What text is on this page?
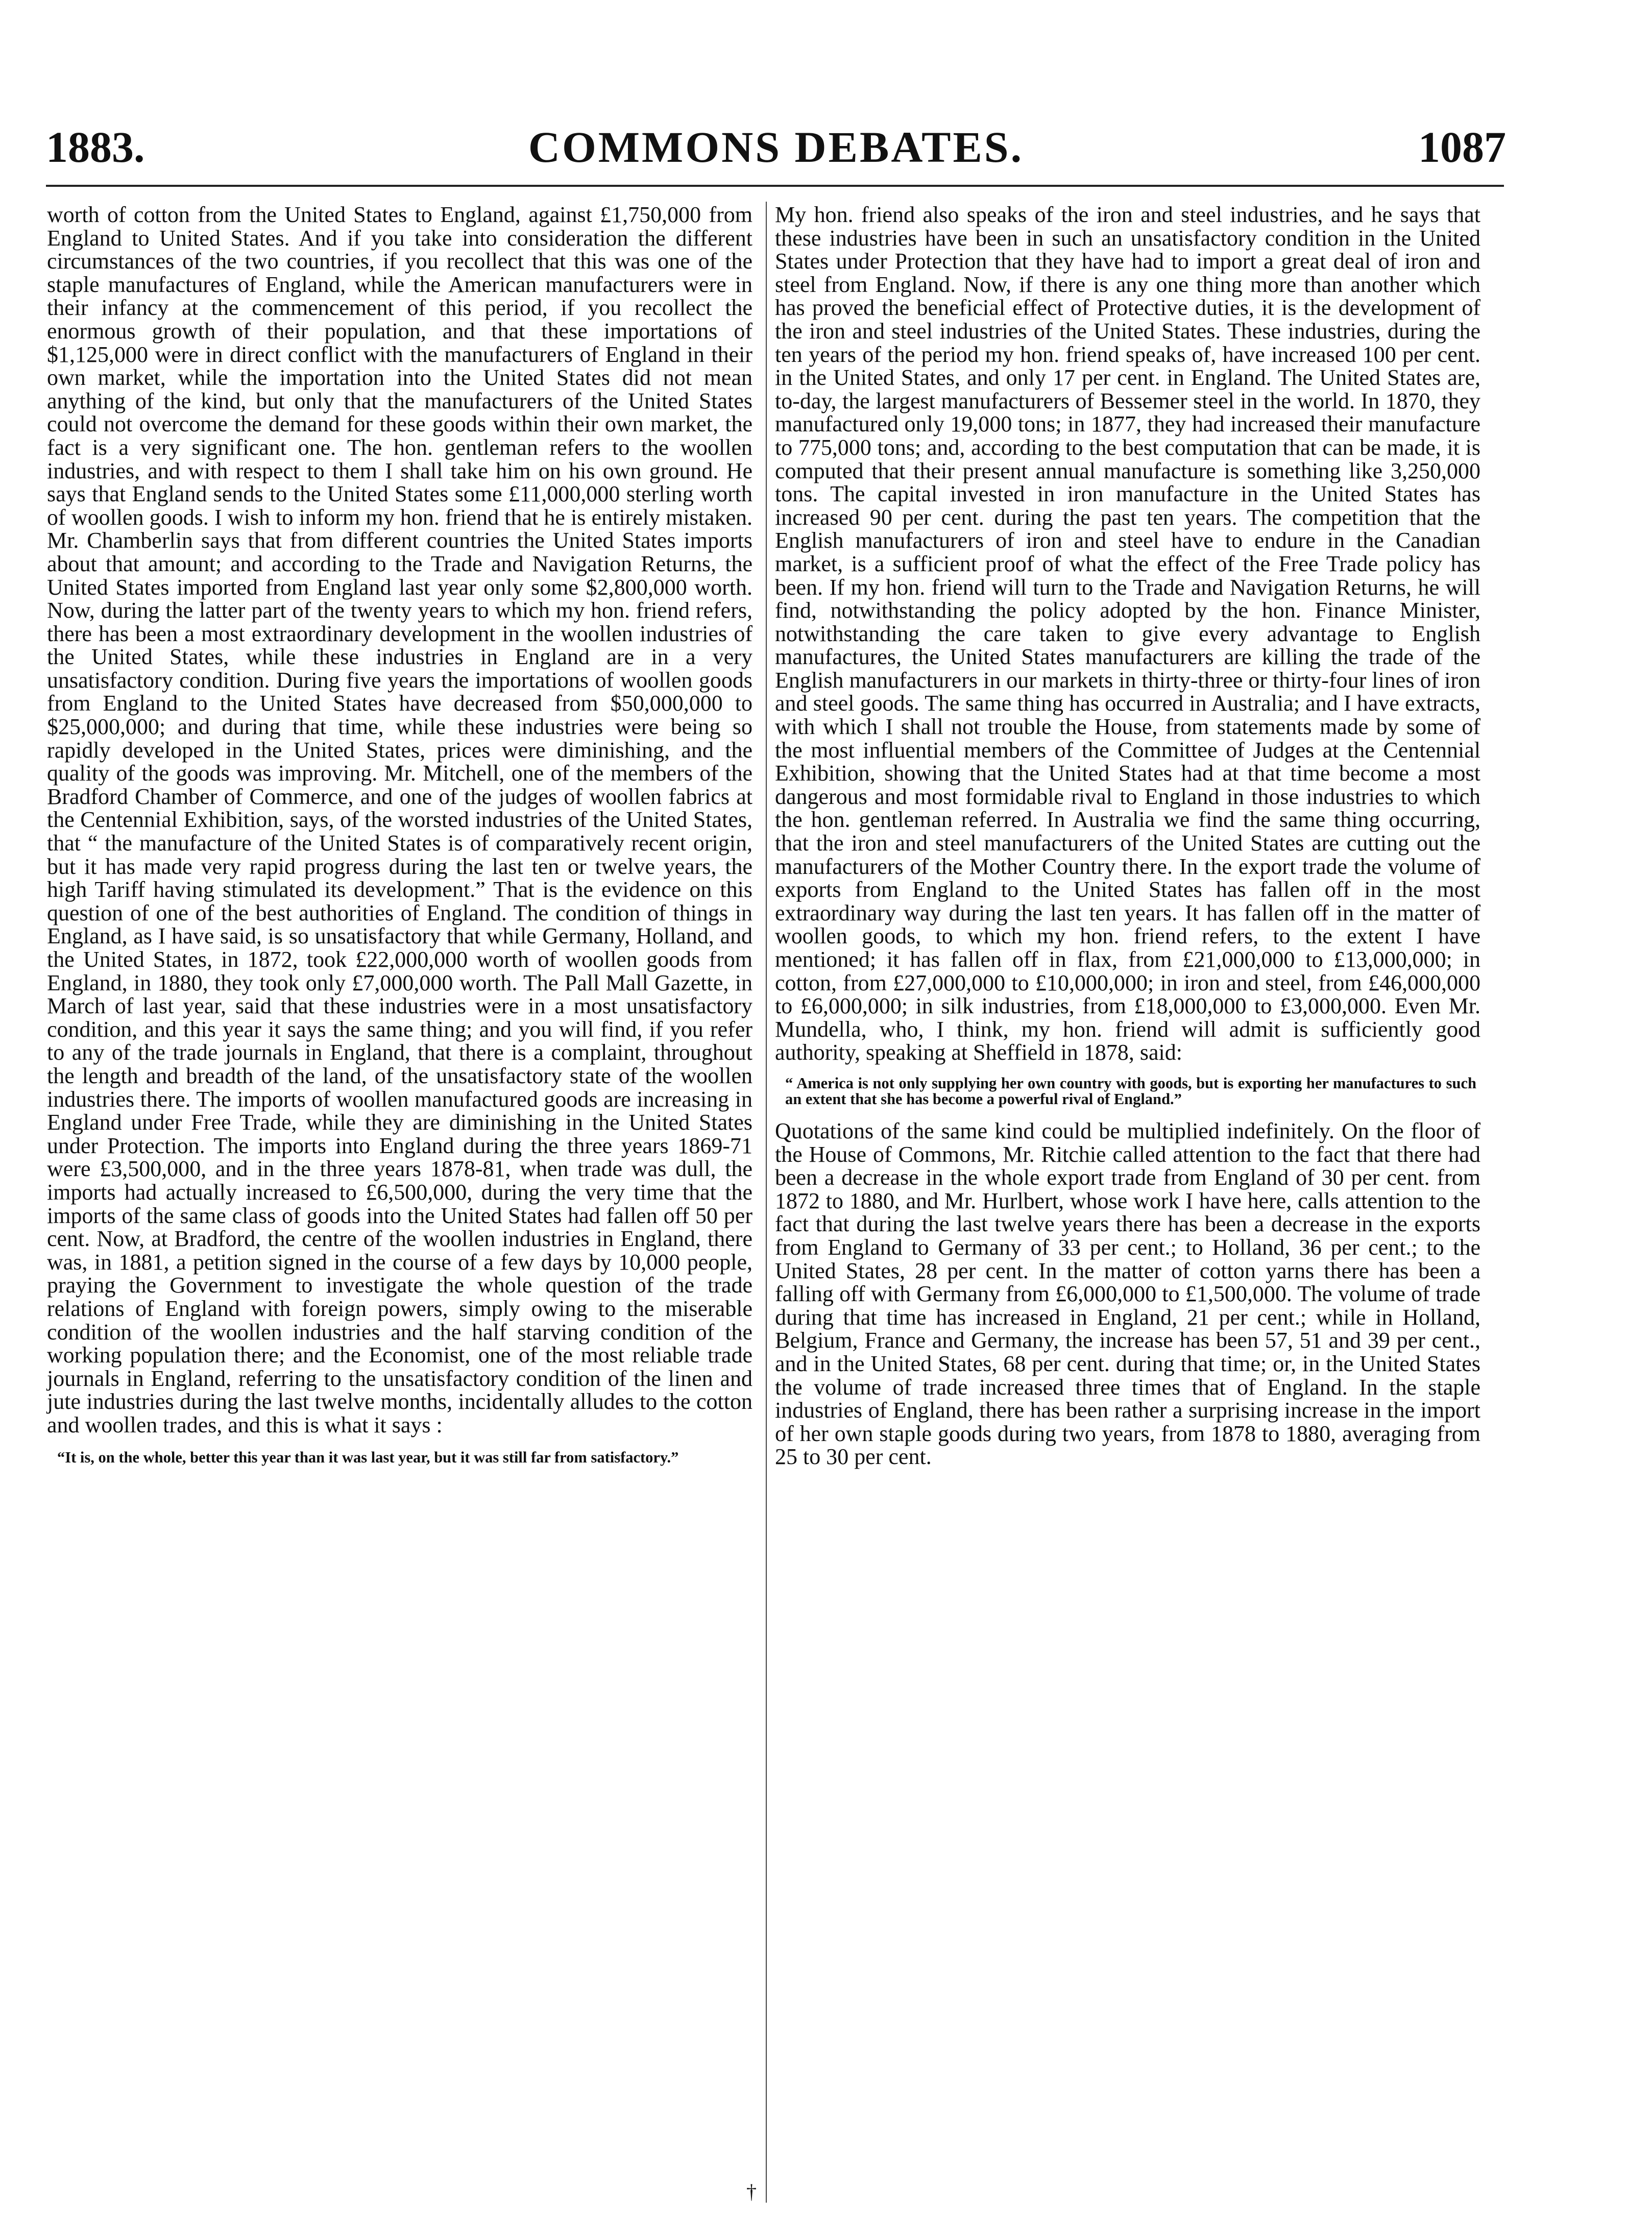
COMMONS DEBATES.
1883.	1087

worth of cotton from the United States to England, against £1,750,000 from England to United States. And if you take into consideration the different circumstances of the two countries, if you recollect that this was one of the staple manufactures of England, while the American manufacturers were in their infancy at the commencement of this period, if you recollect the enormous growth of their population, and that these importations of $1,125,000 were in direct conflict with the manufacturers of England in their own market, while the importation into the United States did not mean anything of the kind, but only that the manufacturers of the United States could not overcome the demand for these goods within their own market, the fact is a very significant one. The hon. gentleman refers to the woollen industries, and with respect to them I shall take him on his own ground. He says that England sends to the United States some £11,000,000 sterling worth of woollen goods. I wish to inform my hon. friend that he is entirely mistaken. Mr. Chamberlin says that from different countries the United States imports about that amount; and according to the Trade and Navigation Returns, the United States imported from England last year only some $2,800,000 worth. Now, during the latter part of the twenty years to which my hon. friend refers, there has been a most extraordinary development in the woollen industries of the United States, while these industries in England are in a very unsatisfactory condition. During five years the importations of woollen goods from England to the United States have decreased from $50,000,000 to $25,000,000; and during that time, while these industries were being so rapidly developed in the United States, prices were diminishing, and the quality of the goods was improving. Mr. Mitchell, one of the members of the Bradford Chamber of Commerce, and one of the judges of woollen fabrics at the Centennial Exhibition, says, of the worsted industries of the United States, that “ the manufacture of the United States is of comparatively recent origin, but it has made very rapid progress during the last ten or twelve years, the high Tariff having stimulated its development.” That is the evidence on this question of one of the best authorities of England. The condition of things in England, as I have said, is so unsatisfactory that while Germany, Holland, and the United States, in 1872, took £22,000,000 worth of woollen goods from England, in 1880, they took only £7,000,000 worth. The Pall Mall Gazette, in March of last year, said that these industries were in a most unsatisfactory condition, and this year it says the same thing; and you will find, if you refer to any of the trade journals in England, that there is a complaint, throughout the length and breadth of the land, of the unsatisfactory state of the woollen industries there. The imports of woollen manufactured goods are increasing in England under Free Trade, while they are diminishing in the United States under Protection. The imports into England during the three years 1869-71 were £3,500,000, and in the three years 1878-81, when trade was dull, the imports had actually increased to £6,500,000, during the very time that the imports of the same class of goods into the United States had fallen off 50 per cent. Now, at Bradford, the centre of the woollen industries in England, there was, in 1881, a petition signed in the course of a few days by 10,000 people, praying the Government to investigate the whole question of the trade relations of England with foreign powers, simply owing to the miserable condition of the woollen industries and the half starving condition of the working population there; and the Economist, one of the most reliable trade journals in England, referring to the unsatisfactory condition of the linen and jute industries during the last twelve months, incidentally alludes to the cotton and woollen trades, and this is what it says :

“It is, on the whole, better this year than it was last year, but it was still far from satisfactory.”

My hon. friend also speaks of the iron and steel industries, and he says that these industries have been in such an unsatisfactory condition in the United States under Protection that they have had to import a great deal of iron and steel from England. Now, if there is any one thing more than another which has proved the beneficial effect of Protective duties, it is the development of the iron and steel industries of the United States. These industries, during the ten years of the period my hon. friend speaks of, have increased 100 per cent. in the United States, and only 17 per cent. in England. The United States are, to-day, the largest manufacturers of Bessemer steel in the world. In 1870, they manufactured only 19,000 tons; in 1877, they had increased their manufacture to 775,000 tons; and, according to the best computation that can be made, it is computed that their present annual manufacture is something like 3,250,000 tons. The capital invested in iron manufacture in the United States has increased 90 per cent. during the past ten years. The competition that the English manufacturers of iron and steel have to endure in the Canadian market, is a sufficient proof of what the effect of the Free Trade policy has been. If my hon. friend will turn to the Trade and Navigation Returns, he will find, notwithstanding the policy adopted by the hon. Finance Minister, notwithstanding the care taken to give every advantage to English manufactures, the United States manufacturers are killing the trade of the English manufacturers in our markets in thirty-three or thirty-four lines of iron and steel goods. The same thing has occurred in Australia; and I have extracts, with which I shall not trouble the House, from statements made by some of the most influential members of the Committee of Judges at the Centennial Exhibition, showing that the United States had at that time become a most dangerous and most formidable rival to England in those industries to which the hon. gentleman referred. In Australia we find the same thing occurring, that the iron and steel manufacturers of the United States are cutting out the manufacturers of the Mother Country there. In the export trade the volume of exports from England to the United States has fallen off in the most extraordinary way during the last ten years. It has fallen off in the matter of woollen goods, to which my hon. friend refers, to the extent I have mentioned; it has fallen off in flax, from £21,000,000 to £13,000,000; in cotton, from £27,000,000 to £10,000,000; in iron and steel, from £46,000,000 to £6,000,000; in silk industries, from £18,000,000 to £3,000,000. Even Mr. Mundella, who, I think, my hon. friend will admit is sufficiently good authority, speaking at Sheffield in 1878, said:

“ America is not only supplying her own country with goods, but is exporting her manufactures to such an extent that she has become a powerful rival of England.”

Quotations of the same kind could be multiplied indefinitely. On the floor of the House of Commons, Mr. Ritchie called attention to the fact that there had been a decrease in the whole export trade from England of 30 per cent. from 1872 to 1880, and Mr. Hurlbert, whose work I have here, calls attention to the fact that during the last twelve years there has been a decrease in the exports from England to Germany of 33 per cent.; to Holland, 36 per cent.; to the United States, 28 per cent. In the matter of cotton yarns there has been a falling off with Germany from £6,000,000 to £1,500,000. The volume of trade during that time has increased in England, 21 per cent.; while in Holland, Belgium, France and Germany, the increase has been 57, 51 and 39 per cent., and in the United States, 68 per cent. during that time; or, in the United States the volume of trade increased three times that of England. In the staple industries of England, there has been rather a surprising increase in the import of her own staple goods during two years, from 1878 to 1880, averaging from 25 to 30 per cent.

†
